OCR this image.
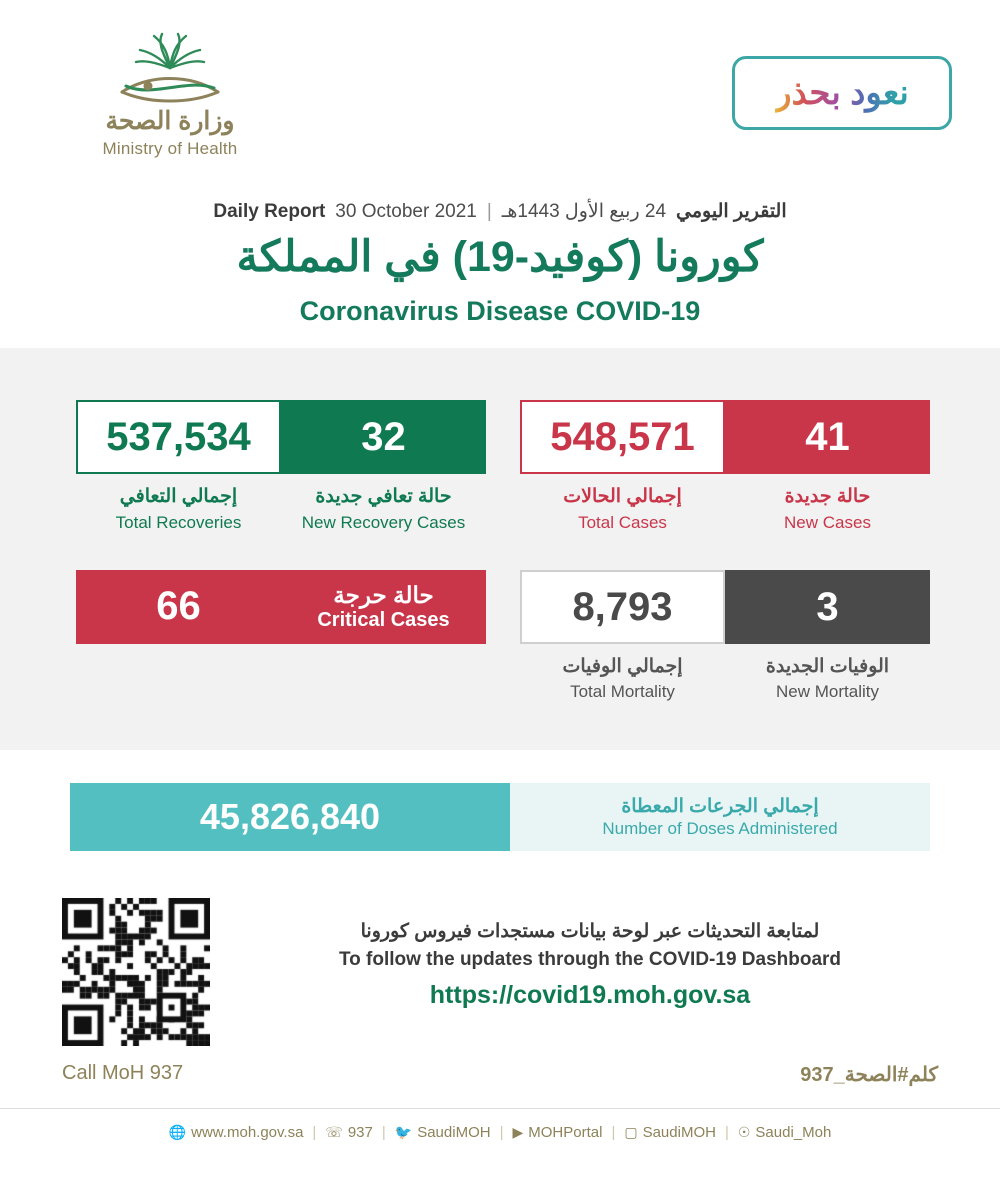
وزارة الصحة
Ministry of Health
نعود بحذر
Daily Report 30 October 2021 | 24 ربيع الأول 1443هـ التقرير اليومي
كورونا (كوفيد-19) في المملكة
Coronavirus Disease COVID-19
537,534
إجمالي التعافي
Total Recoveries
32
حالة تعافي جديدة
New Recovery Cases
548,571
إجمالي الحالات
Total Cases
41
حالة جديدة
New Cases
66	حالة حرجة
Critical Cases	8,793
إجمالي الوفيات
Total Mortality
3
الوفيات الجديدة
New Mortality
45,826,840	إجمالي الجرعات المعطاة
Number of Doses Administered
لمتابعة التحديثات عبر لوحة بيانات مستجدات فيروس كورونا
To follow the updates through the COVID-19 Dashboard
https://covid19.moh.gov.sa
Call MoH 937	كلم#الصحة_937
🌐 www.moh.gov.sa | ☏ 937 | 🐦 SaudiMOH | ▶ MOHPortal | ▢ SaudiMOH | ☉ Saudi_Moh
